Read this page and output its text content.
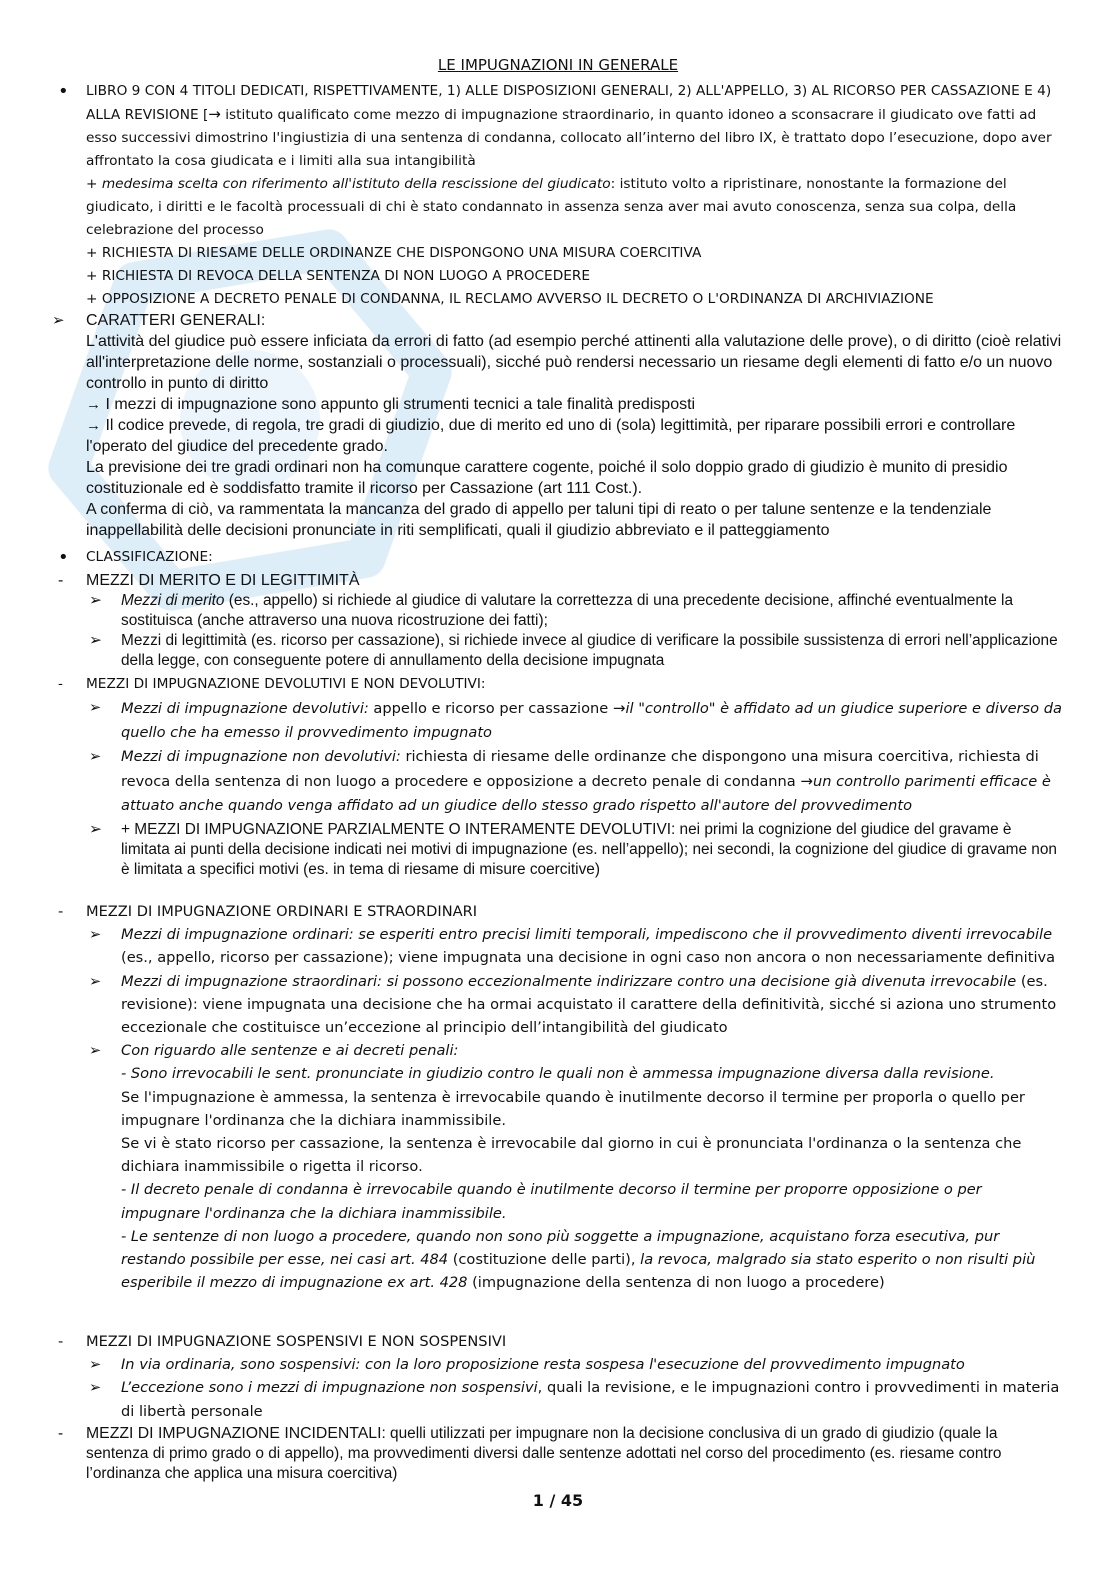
LE IMPUGNAZIONI IN GENERALE
• LIBRO 9 CON 4 TITOLI DEDICATI, RISPETTIVAMENTE, 1) ALLE DISPOSIZIONI GENERALI, 2) ALL'APPELLO, 3) AL RICORSO PER CASSAZIONE E 4) ALLA REVISIONE [→ istituto qualificato come mezzo di impugnazione straordinario, in quanto idoneo a sconsacrare il giudicato ove fatti ad esso successivi dimostrino l'ingiustizia di una sentenza di condanna, collocato all’interno del libro IX, è trattato dopo l’esecuzione, dopo aver affrontato la cosa giudicata e i limiti alla sua intangibilità
+ medesima scelta con riferimento all'istituto della rescissione del giudicato: istituto volto a ripristinare, nonostante la formazione del giudicato, i diritti e le facoltà processuali di chi è stato condannato in assenza senza aver mai avuto conoscenza, senza sua colpa, della celebrazione del processo
+ RICHIESTA DI RIESAME DELLE ORDINANZE CHE DISPONGONO UNA MISURA COERCITIVA
+ RICHIESTA DI REVOCA DELLA SENTENZA DI NON LUOGO A PROCEDERE
+ OPPOSIZIONE A DECRETO PENALE DI CONDANNA, IL RECLAMO AVVERSO IL DECRETO O L'ORDINANZA DI ARCHIVIAZIONE
➢ CARATTERI GENERALI:
L'attività del giudice può essere inficiata da errori di fatto (ad esempio perché attinenti alla valutazione delle prove), o di diritto (cioè relativi all'interpretazione delle norme, sostanziali o processuali), sicché può rendersi necessario un riesame degli elementi di fatto e/o un nuovo controllo in punto di diritto
→ I mezzi di impugnazione sono appunto gli strumenti tecnici a tale finalità predisposti
→ Il codice prevede, di regola, tre gradi di giudizio, due di merito ed uno di (sola) legittimità, per riparare possibili errori e controllare l'operato del giudice del precedente grado.
La previsione dei tre gradi ordinari non ha comunque carattere cogente, poiché il solo doppio grado di giudizio è munito di presidio costituzionale ed è soddisfatto tramite il ricorso per Cassazione (art 111 Cost.).
A conferma di ciò, va rammentata la mancanza del grado di appello per taluni tipi di reato o per talune sentenze e la tendenziale inappellabilità delle decisioni pronunciate in riti semplificati, quali il giudizio abbreviato e il patteggiamento
• CLASSIFICAZIONE:
- MEZZI DI MERITO E DI LEGITTIMITÀ
➢ Mezzi di merito (es., appello) si richiede al giudice di valutare la correttezza di una precedente decisione, affinché eventualmente la sostituisca (anche attraverso una nuova ricostruzione dei fatti);
➢ Mezzi di legittimità (es. ricorso per cassazione), si richiede invece al giudice di verificare la possibile sussistenza di errori nell’applicazione della legge, con conseguente potere di annullamento della decisione impugnata
- MEZZI DI IMPUGNAZIONE DEVOLUTIVI E NON DEVOLUTIVI:
➢ Mezzi di impugnazione devolutivi: appello e ricorso per cassazione →il "controllo" è affidato ad un giudice superiore e diverso da quello che ha emesso il provvedimento impugnato
➢ Mezzi di impugnazione non devolutivi: richiesta di riesame delle ordinanze che dispongono una misura coercitiva, richiesta di revoca della sentenza di non luogo a procedere e opposizione a decreto penale di condanna →un controllo parimenti efficace è attuato anche quando venga affidato ad un giudice dello stesso grado rispetto all'autore del provvedimento
➢ + MEZZI DI IMPUGNAZIONE PARZIALMENTE O INTERAMENTE DEVOLUTIVI: nei primi la cognizione del giudice del gravame è limitata ai punti della decisione indicati nei motivi di impugnazione (es. nell’appello); nei secondi, la cognizione del giudice di gravame non è limitata a specifici motivi (es. in tema di riesame di misure coercitive)
- MEZZI DI IMPUGNAZIONE ORDINARI E STRAORDINARI
➢ Mezzi di impugnazione ordinari: se esperiti entro precisi limiti temporali, impediscono che il provvedimento diventi irrevocabile (es., appello, ricorso per cassazione); viene impugnata una decisione in ogni caso non ancora o non necessariamente definitiva
➢ Mezzi di impugnazione straordinari: si possono eccezionalmente indirizzare contro una decisione già divenuta irrevocabile (es. revisione): viene impugnata una decisione che ha ormai acquistato il carattere della definitività, sicché si aziona uno strumento eccezionale che costituisce un’eccezione al principio dell’intangibilità del giudicato
➢ Con riguardo alle sentenze e ai decreti penali:
- Sono irrevocabili le sent. pronunciate in giudizio contro le quali non è ammessa impugnazione diversa dalla revisione.
Se l'impugnazione è ammessa, la sentenza è irrevocabile quando è inutilmente decorso il termine per proporla o quello per impugnare l'ordinanza che la dichiara inammissibile.
Se vi è stato ricorso per cassazione, la sentenza è irrevocabile dal giorno in cui è pronunciata l'ordinanza o la sentenza che dichiara inammissibile o rigetta il ricorso.
- Il decreto penale di condanna è irrevocabile quando è inutilmente decorso il termine per proporre opposizione o per impugnare l'ordinanza che la dichiara inammissibile.
- Le sentenze di non luogo a procedere, quando non sono più soggette a impugnazione, acquistano forza esecutiva, pur restando possibile per esse, nei casi art. 484 (costituzione delle parti), la revoca, malgrado sia stato esperito o non risulti più esperibile il mezzo di impugnazione ex art. 428 (impugnazione della sentenza di non luogo a procedere)
- MEZZI DI IMPUGNAZIONE SOSPENSIVI E NON SOSPENSIVI
➢ In via ordinaria, sono sospensivi: con la loro proposizione resta sospesa l'esecuzione del provvedimento impugnato
➢ L’eccezione sono i mezzi di impugnazione non sospensivi, quali la revisione, e le impugnazioni contro i provvedimenti in materia di libertà personale
- MEZZI DI IMPUGNAZIONE INCIDENTALI: quelli utilizzati per impugnare non la decisione conclusiva di un grado di giudizio (quale la sentenza di primo grado o di appello), ma provvedimenti diversi dalle sentenze adottati nel corso del procedimento (es. riesame contro l’ordinanza che applica una misura coercitiva)
1 / 45
